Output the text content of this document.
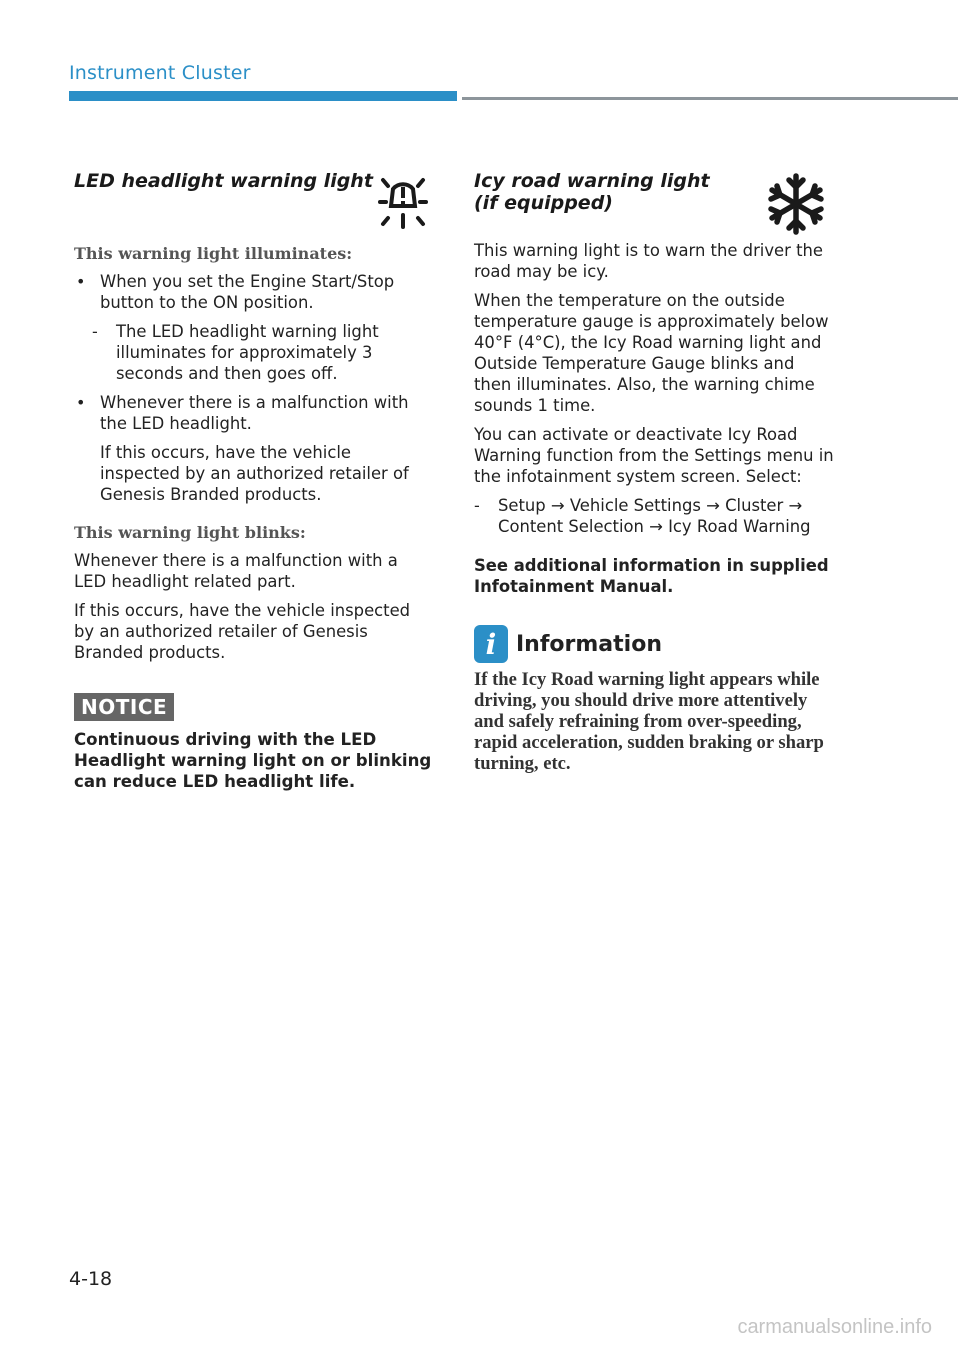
Instrument Cluster
LED headlight warning light
This warning light illuminates:
• When you set the Engine Start/Stop button to the ON position.

- The LED headlight warning light illuminates for approximately 3 seconds and then goes off.

• Whenever there is a malfunction with the LED headlight.

If this occurs, have the vehicle inspected by an authorized retailer of Genesis Branded products.

This warning light blinks:

Whenever there is a malfunction with a LED headlight related part.

If this occurs, have the vehicle inspected by an authorized retailer of Genesis Branded products.

NOTICE
Continuous driving with the LED Headlight warning light on or blinking can reduce LED headlight life.
Icy road warning light
(if equipped)

This warning light is to warn the driver the road may be icy.

When the temperature on the outside temperature gauge is approximately below 40°F (4°C), the Icy Road warning light and Outside Temperature Gauge blinks and then illuminates. Also, the warning chime sounds 1 time.

You can activate or deactivate Icy Road Warning function from the Settings menu in the infotainment system screen. Select:

- Setup → Vehicle Settings → Cluster → Content Selection → Icy Road Warning

See additional information in supplied Infotainment Manual.

i Information
If the Icy Road warning light appears while driving, you should drive more attentively and safely refraining from over-speeding, rapid acceleration, sudden braking or sharp turning, etc.
4-18
carmanualsonline.info
